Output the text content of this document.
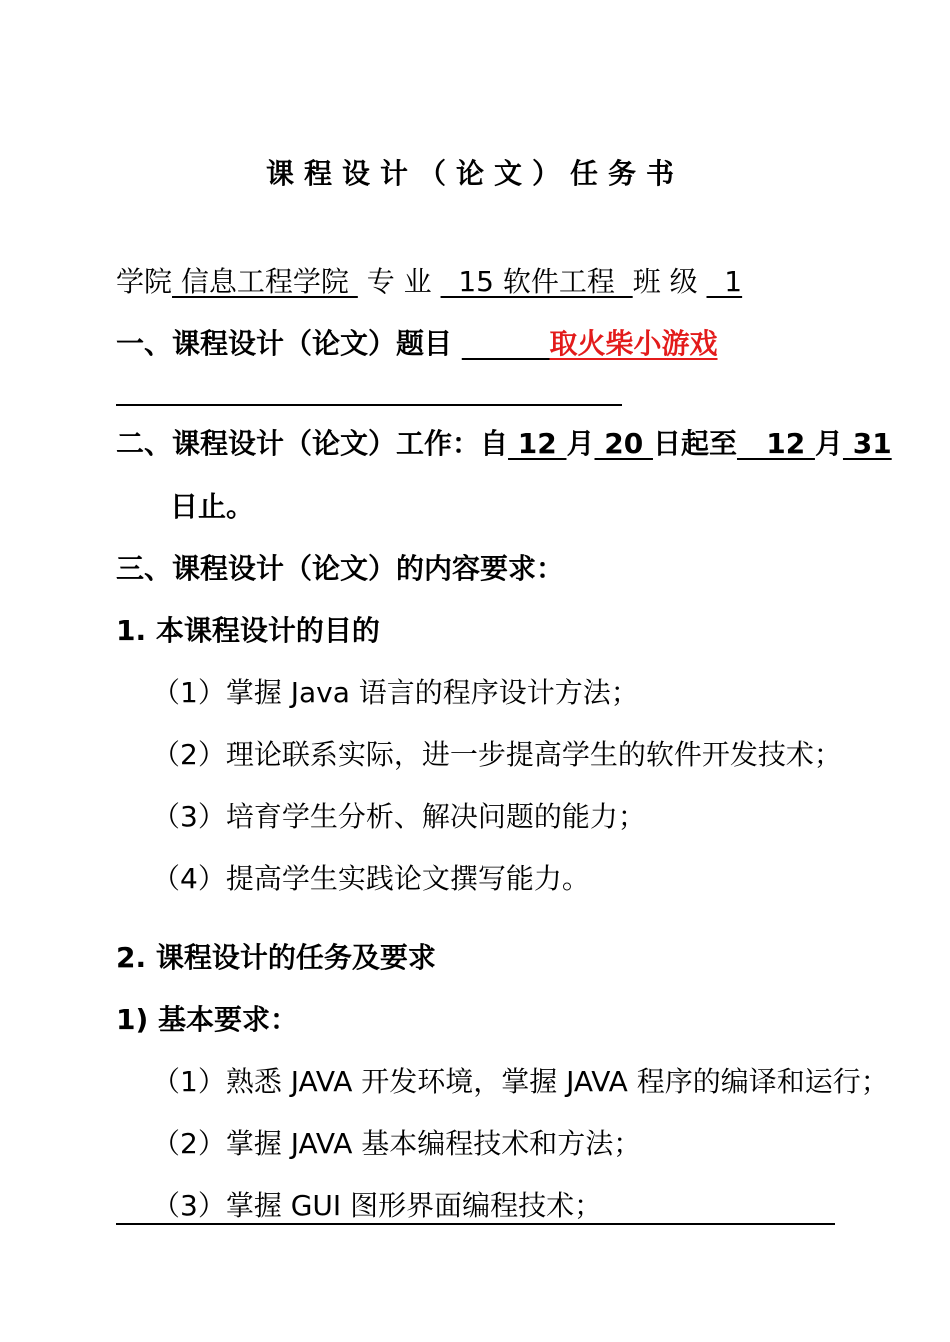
课程设计（论文）任务书
学院 信息工程学院  专 业   15 软件工程  班 级   1
一、课程设计（论文）题目	取火柴小游戏
二、课程设计（论文）工作：自 12 月 20 日起至   12 月 31
日止。
三、课程设计（论文）的内容要求：
1. 本课程设计的目的
（1）掌握 Java 语言的程序设计方法；
（2）理论联系实际，进一步提高学生的软件开发技术；
（3）培育学生分析、解决问题的能力；
（4）提高学生实践论文撰写能力。
2. 课程设计的任务及要求
1) 基本要求：
（1）熟悉 JAVA 开发环境，掌握 JAVA 程序的编译和运行；
（2）掌握 JAVA 基本编程技术和方法；
（3）掌握 GUI 图形界面编程技术；
